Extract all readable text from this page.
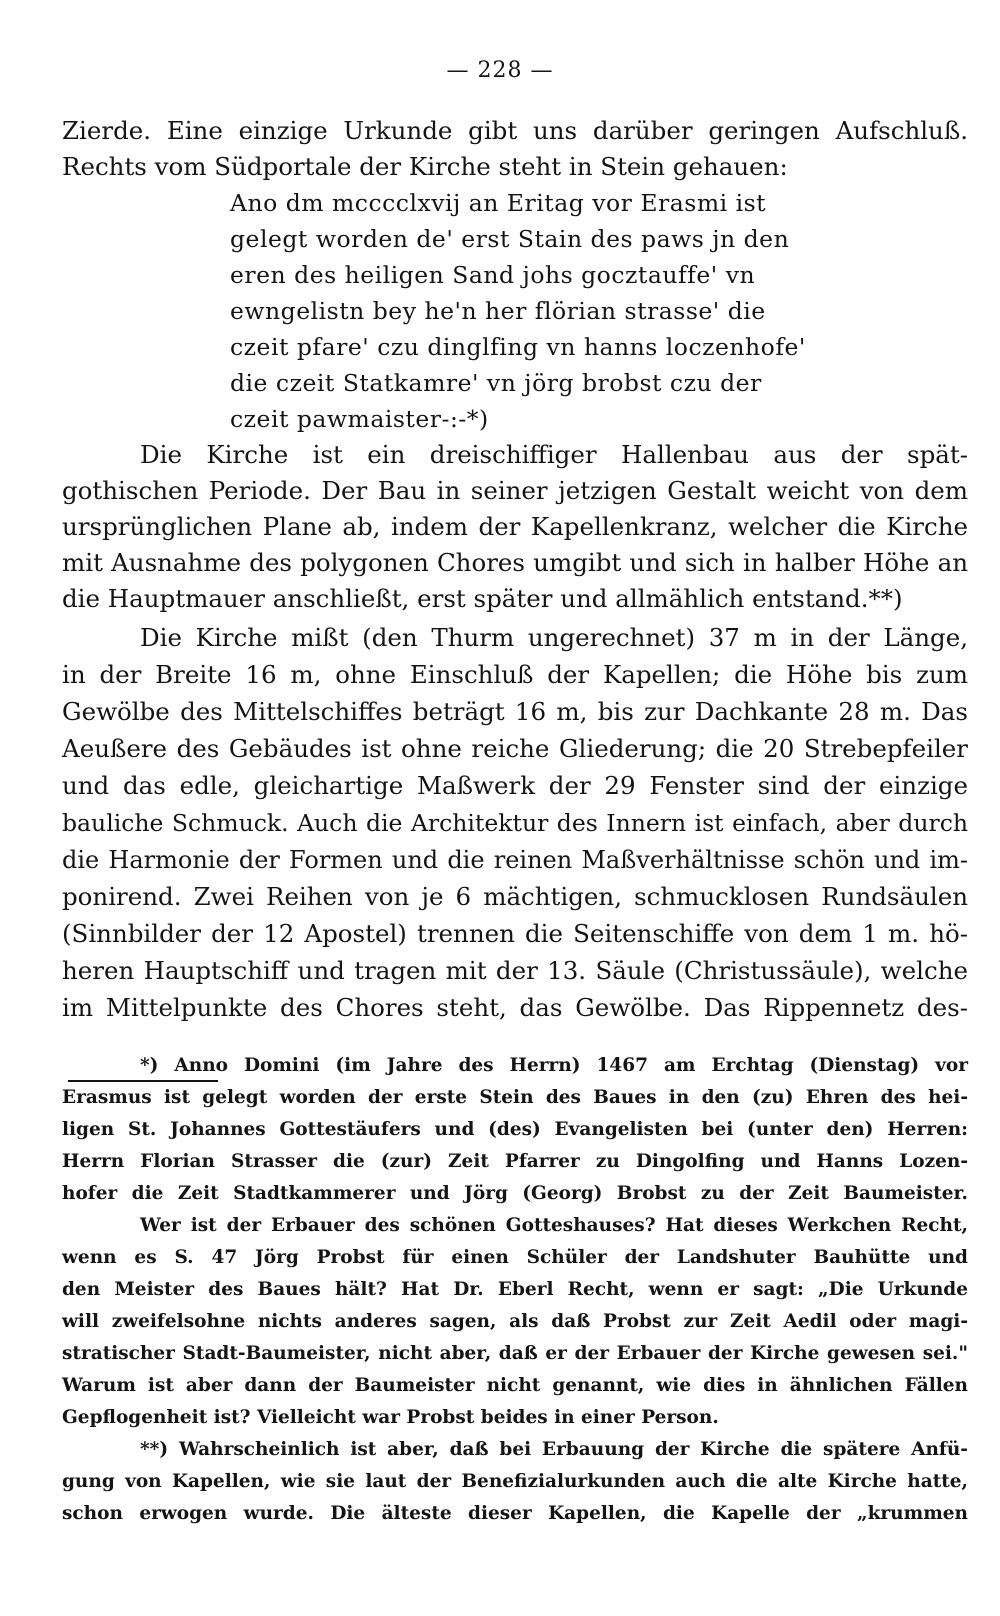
— 228 —
Zierde. Eine einzige Urkunde gibt uns darüber geringen Aufschluß.
Rechts vom Südportale der Kirche steht in Stein gehauen:
Ano dm mcccclxvij an Eritag vor Erasmi ist
gelegt worden de' erst Stain des paws jn den
eren des heiligen Sand johs gocztauffe' vn
ewngelistn bey he'n her flörian strasse' die
czeit pfare' czu dinglfing vn hanns loczenhofe'
die czeit Statkamre' vn jörg brobst czu der
czeit pawmaister-:-*)
Die Kirche ist ein dreischiffiger Hallenbau aus der spät-
gothischen Periode. Der Bau in seiner jetzigen Gestalt weicht von dem
ursprünglichen Plane ab, indem der Kapellenkranz, welcher die Kirche
mit Ausnahme des polygonen Chores umgibt und sich in halber Höhe an
die Hauptmauer anschließt, erst später und allmählich entstand.**)
Die Kirche mißt (den Thurm ungerechnet) 37 m in der Länge,
in der Breite 16 m, ohne Einschluß der Kapellen; die Höhe bis zum
Gewölbe des Mittelschiffes beträgt 16 m, bis zur Dachkante 28 m. Das
Aeußere des Gebäudes ist ohne reiche Gliederung; die 20 Strebepfeiler
und das edle, gleichartige Maßwerk der 29 Fenster sind der einzige
bauliche Schmuck. Auch die Architektur des Innern ist einfach, aber durch
die Harmonie der Formen und die reinen Maßverhältnisse schön und im-
ponirend. Zwei Reihen von je 6 mächtigen, schmucklosen Rundsäulen
(Sinnbilder der 12 Apostel) trennen die Seitenschiffe von dem 1 m. hö-
heren Hauptschiff und tragen mit der 13. Säule (Christussäule), welche
im Mittelpunkte des Chores steht, das Gewölbe. Das Rippennetz des-
*) Anno Domini (im Jahre des Herrn) 1467 am Erchtag (Dienstag) vor
Erasmus ist gelegt worden der erste Stein des Baues in den (zu) Ehren des hei-
ligen St. Johannes Gottestäufers und (des) Evangelisten bei (unter den) Herren:
Herrn Florian Strasser die (zur) Zeit Pfarrer zu Dingolfing und Hanns Lozen-
hofer die Zeit Stadtkammerer und Jörg (Georg) Brobst zu der Zeit Baumeister.
Wer ist der Erbauer des schönen Gotteshauses? Hat dieses Werkchen Recht,
wenn es S. 47 Jörg Probst für einen Schüler der Landshuter Bauhütte und
den Meister des Baues hält? Hat Dr. Eberl Recht, wenn er sagt: „Die Urkunde
will zweifelsohne nichts anderes sagen, als daß Probst zur Zeit Aedil oder magi-
stratischer Stadt-Baumeister, nicht aber, daß er der Erbauer der Kirche gewesen sei."
Warum ist aber dann der Baumeister nicht genannt, wie dies in ähnlichen Fällen
Gepflogenheit ist? Vielleicht war Probst beides in einer Person.
**) Wahrscheinlich ist aber, daß bei Erbauung der Kirche die spätere Anfü-
gung von Kapellen, wie sie laut der Benefizialurkunden auch die alte Kirche hatte,
schon erwogen wurde. Die älteste dieser Kapellen, die Kapelle der „krummen
